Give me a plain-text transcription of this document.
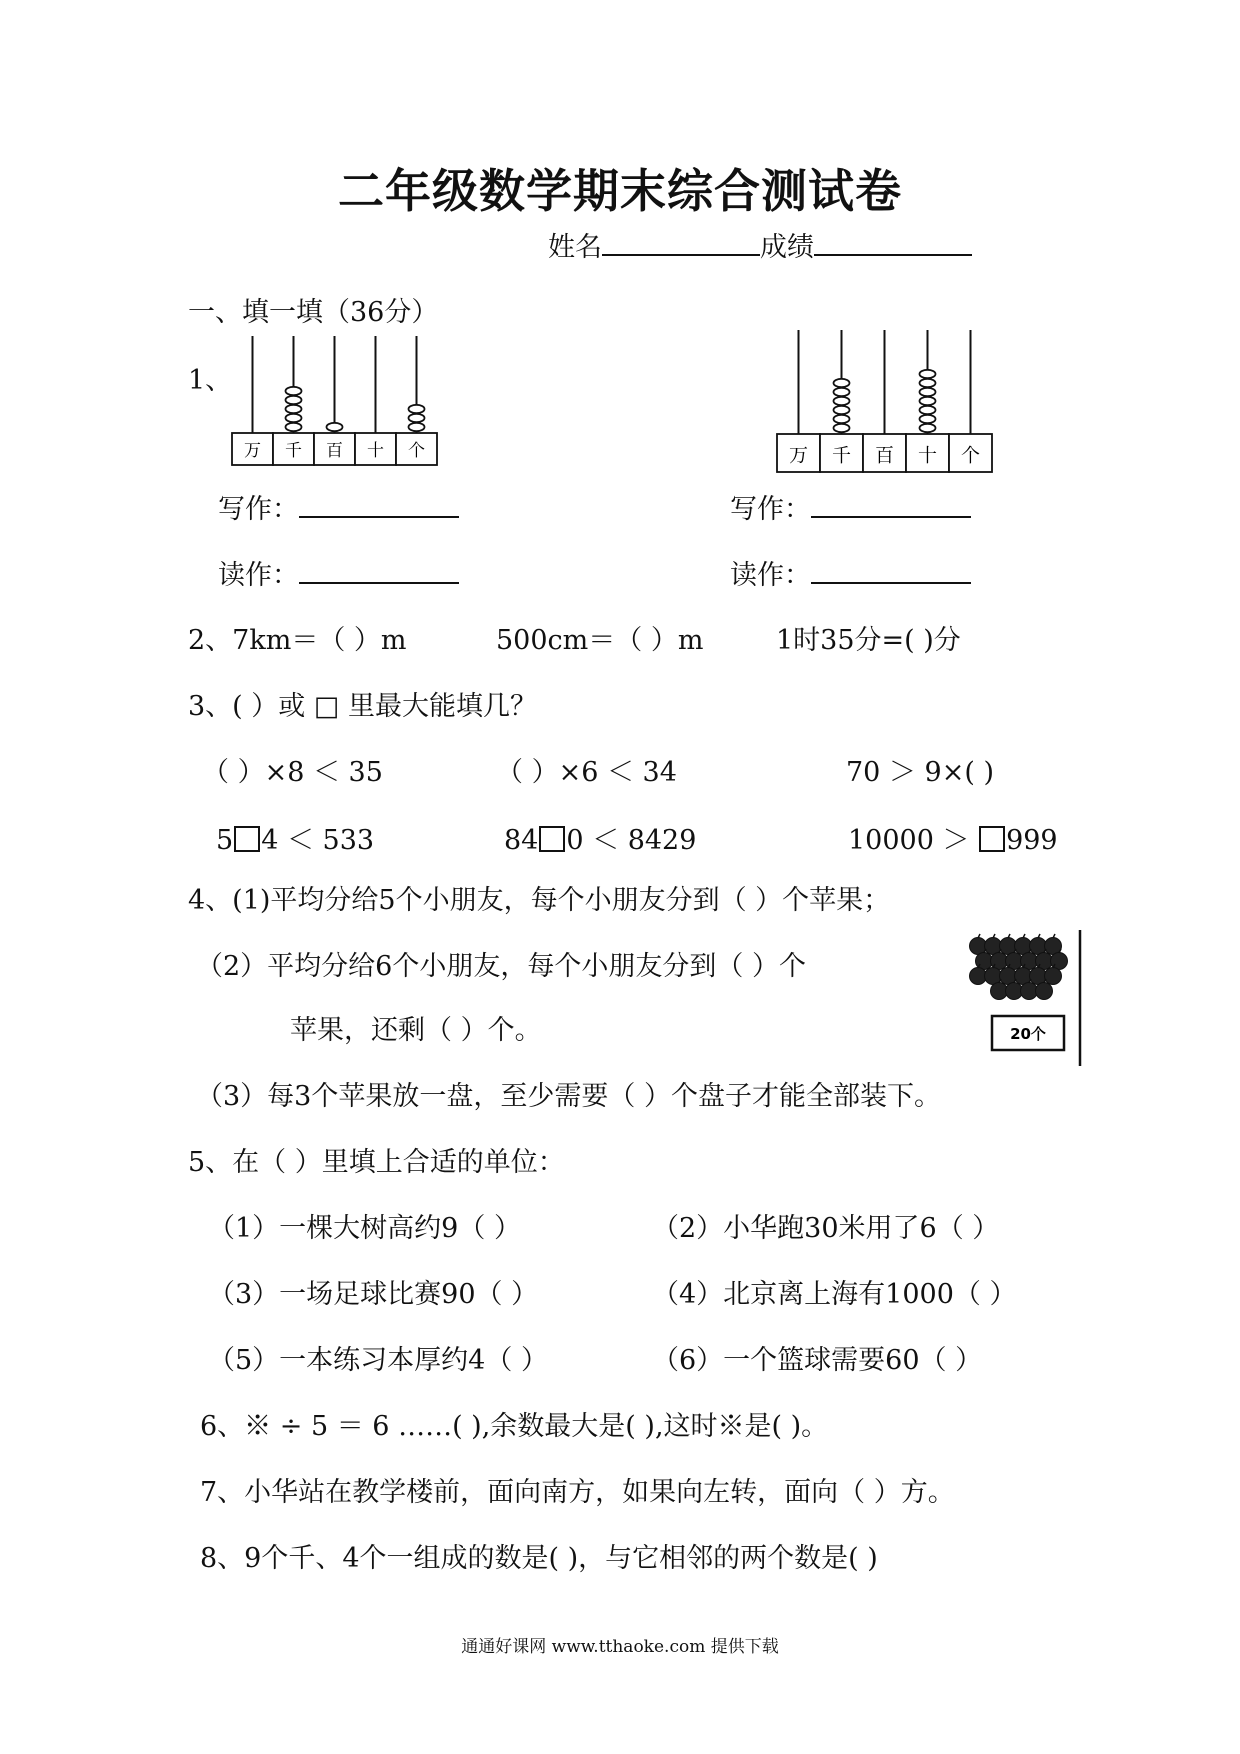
二年级数学期末综合测试卷
姓名	成绩
一、填一填（36分）
1、
万 千 百 十 个	万 千 百 十 个
写作：
读作：
写作：
读作：
2、7km＝（ ）m	500cm＝（ ）m	1时35分=( )分
3、( ）或 □ 里最大能填几？
（ ）×8 ＜ 35	（ ）×6 ＜ 34	70 ＞ 9×( )
5 4 ＜ 533	84 0 ＜ 8429	10000 ＞ 999
4、(1)平均分给5个小朋友，每个小朋友分到（ ）个苹果；
（2）平均分给6个小朋友，每个小朋友分到（ ）个
苹果，还剩（ ）个。
（3）每3个苹果放一盘，至少需要（ ）个盘子才能全部装下。
20个
5、在（ ）里填上合适的单位：
（1）一棵大树高约9（ ）	（2）小华跑30米用了6（ ）
（3）一场足球比赛90（ ）	（4）北京离上海有1000（ ）
（5）一本练习本厚约4（ ）	（6）一个篮球需要60（ ）
6、※ ÷ 5 ＝ 6 ……( ),余数最大是( ),这时※是( )。
7、小华站在教学楼前，面向南方，如果向左转，面向（ ）方。
8、9个千、4个一组成的数是( )，与它相邻的两个数是( )
通通好课网 www.tthaoke.com 提供下载
